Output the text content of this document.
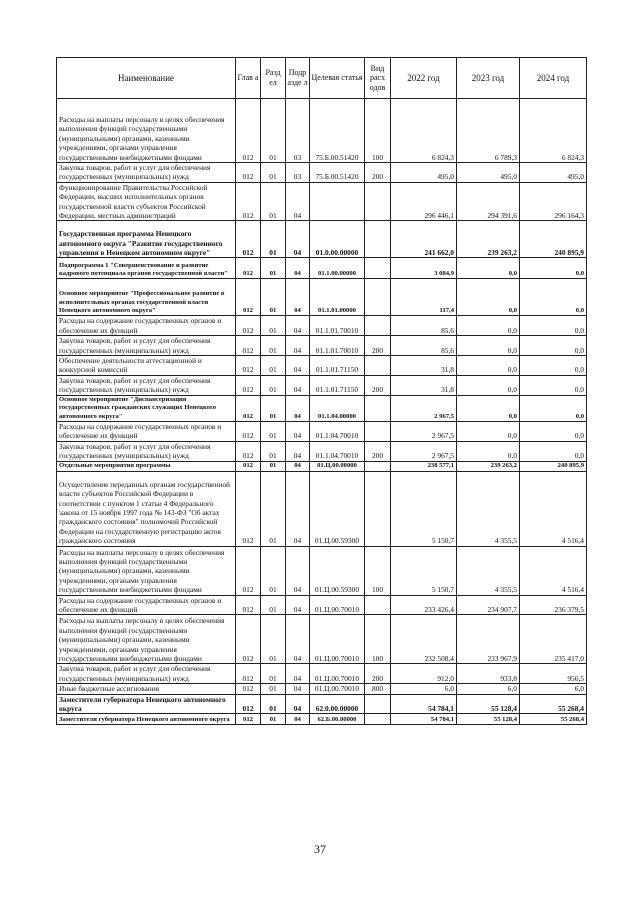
Наименование	Глав а	Разд ел	Подр азде л	Целевая статья	Вид расх одов	2022 год	2023 год	2024 год
Расходы на выплаты персоналу в целях обеспечения выполнения функций государственными (муниципальными) органами, казенными учреждениями, органами управления государственными внебюджетными фондами	012	01	03	75.Б.00.51420	100	6 824,3	6 789,3	6 824,3
Закупка товаров, работ и услуг для обеспечения государственных (муниципальных) нужд	012	01	03	75.Б.00.51420	200	495,0	495,0	495,0
Функционирование Правительства Российской Федерации, высших исполнительных органов государственной власти субъектов Российской Федерации, местных администраций	012	01	04			296 446,1	294 391,6	296 164,3
Государственная программа Ненецкого автономного округа "Развитие государственного управления в Ненецком автономном округе"	012	01	04	01.0.00.00000		241 662,0	239 263,2	240 895,9
Подпрограмма 1 "Совершенствование и развитие кадрового потенциала органов государственной власти"	012	01	04	01.1.00.00000		3 084,9	0,0	0,0
Основное мероприятие "Профессиональное развитие в исполнительных органах государственной власти Ненецкого автономного округа"	012	01	04	01.1.01.00000		117,4	0,0	0,0
Расходы на содержание государственных органов и обеспечение их функций	012	01	04	01.1.01.70010		85,6	0,0	0,0
Закупка товаров, работ и услуг для обеспечения государственных (муниципальных) нужд	012	01	04	01.1.01.70010	200	85,6	0,0	0,0
Обеспечение деятельности аттестационной и конкурсной комиссий	012	01	04	01.1.01.71150		31,8	0,0	0,0
Закупка товаров, работ и услуг для обеспечения государственных (муниципальных) нужд	012	01	04	01.1.01.71150	200	31,8	0,0	0,0
Основное мероприятие "Диспансеризация государственных гражданских служащих Ненецкого автономного округа"	012	01	04	01.1.04.00000		2 967,5	0,0	0,0
Расходы на содержание государственных органов и обеспечение их функций	012	01	04	01.1.04.70010		2 967,5	0,0	0,0
Закупка товаров, работ и услуг для обеспечения государственных (муниципальных) нужд	012	01	04	01.1.04.70010	200	2 967,5	0,0	0,0
Отдельные мероприятия программы	012	01	04	01.Ц.00.00000		238 577,1	239 263,2	240 895,9
Осуществление переданных органам государственной власти субъектов Российской Федерации в соответствии с пунктом 1 статьи 4 Федерального закона от 15 ноября 1997 года № 143-ФЗ "Об актах гражданского состояния" полномочий Российской Федерации на государственную регистрацию актов гражданского состояния	012	01	04	01.Ц.00.59300		5 150,7	4 355,5	4 516,4
Расходы на выплаты персоналу в целях обеспечения выполнения функций государственными (муниципальными) органами, казенными учреждениями, органами управления государственными внебюджетными фондами	012	01	04	01.Ц.00.59300	100	5 150,7	4 355,5	4 516,4
Расходы на содержание государственных органов и обеспечение их функций	012	01	04	01.Ц.00.70010		233 426,4	234 907,7	236 379,5
Расходы на выплаты персоналу в целях обеспечения выполнения функций государственными (муниципальными) органами, казенными учреждениями, органами управления государственными внебюджетными фондами	012	01	04	01.Ц.00.70010	100	232 508,4	233 967,9	235 417,0
Закупка товаров, работ и услуг для обеспечения государственных (муниципальных) нужд	012	01	04	01.Ц.00.70010	200	912,0	933,8	956,5
Иные бюджетные ассигнования	012	01	04	01.Ц.00.70010	800	6,0	6,0	6,0
Заместители губернатора Ненецкого автономного округа	012	01	04	62.0.00.00000		54 784,1	55 128,4	55 268,4
Заместители губернатора Ненецкого автономного округа	012	01	04	62.Б.00.00000		54 784,1	55 128,4	55 268,4
37
